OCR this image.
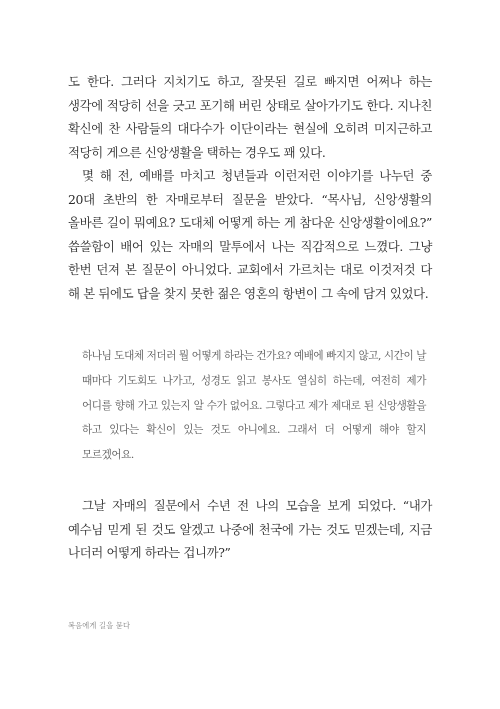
도 한다. 그러다 지치기도 하고, 잘못된 길로 빠지면 어쩌나 하는 생각에 적당히 선을 긋고 포기해 버린 상태로 살아가기도 한다. 지나친 확신에 찬 사람들의 대다수가 이단이라는 현실에 오히려 미지근하고 적당히 게으른 신앙생활을 택하는 경우도 꽤 있다.

몇 해 전, 예배를 마치고 청년들과 이런저런 이야기를 나누던 중 20대 초반의 한 자매로부터 질문을 받았다. “목사님, 신앙생활의 올바른 길이 뭐예요? 도대체 어떻게 하는 게 참다운 신앙생활이에요?” 씁쓸함이 배어 있는 자매의 말투에서 나는 직감적으로 느꼈다. 그냥 한번 던져 본 질문이 아니었다. 교회에서 가르치는 대로 이것저것 다 해 본 뒤에도 답을 찾지 못한 젊은 영혼의 항변이 그 속에 담겨 있었다.

하나님 도대체 저더러 뭘 어떻게 하라는 건가요? 예배에 빠지지 않고, 시간이 날 때마다 기도회도 나가고, 성경도 읽고 봉사도 열심히 하는데, 여전히 제가 어디를 향해 가고 있는지 알 수가 없어요. 그렇다고 제가 제대로 된 신앙생활을 하고 있다는 확신이 있는 것도 아니에요. 그래서 더 어떻게 해야 할지 모르겠어요.

그날 자매의 질문에서 수년 전 나의 모습을 보게 되었다. “내가 예수님 믿게 된 것도 알겠고 나중에 천국에 가는 것도 믿겠는데, 지금 나더러 어떻게 하라는 겁니까?”

복음에게 길을 묻다
